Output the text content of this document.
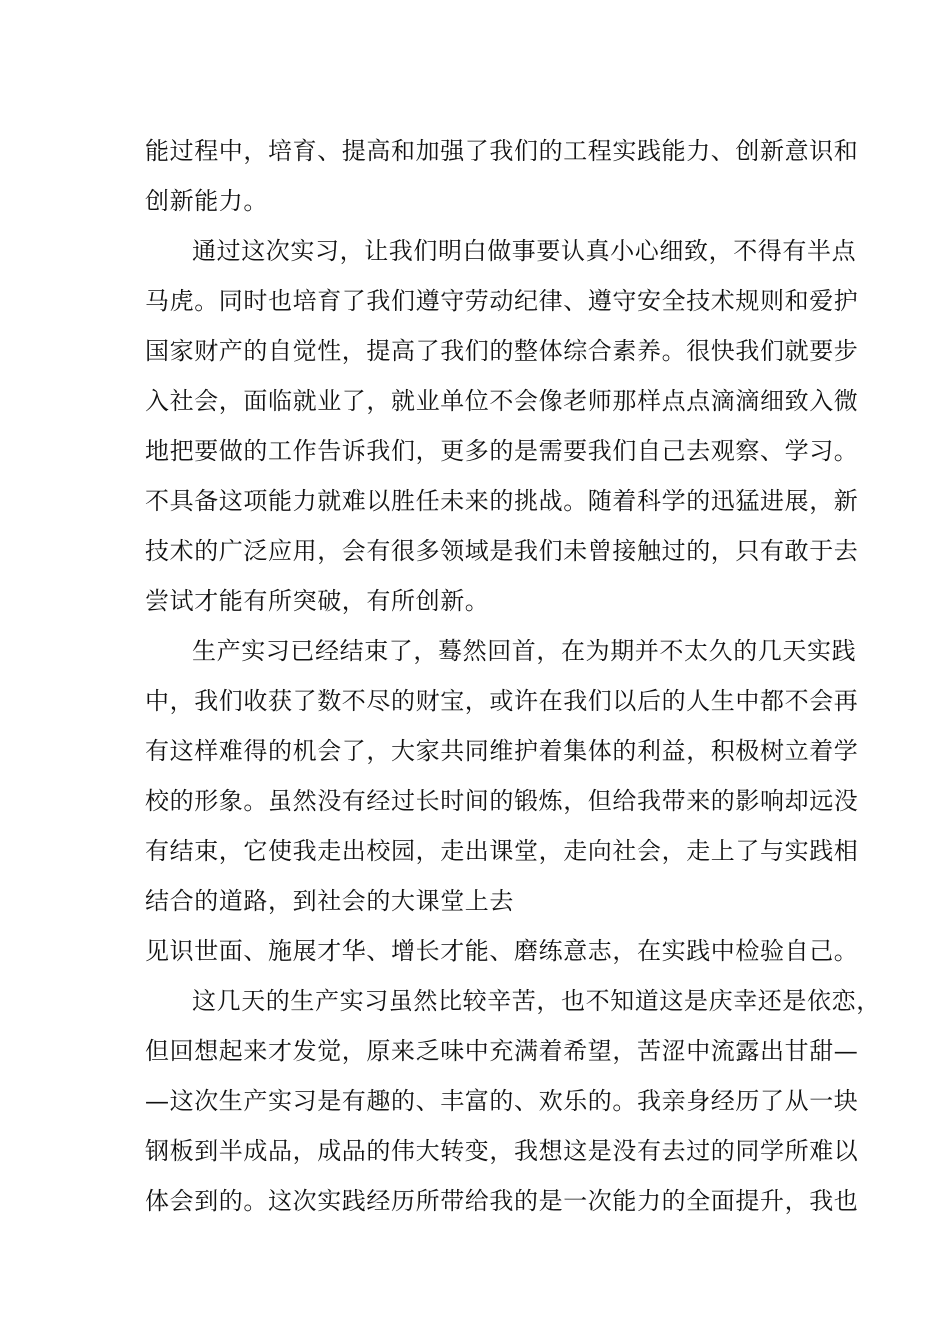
能过程中，培育、提高和加强了我们的工程实践能力、创新意识和
创新能力。
通过这次实习，让我们明白做事要认真小心细致，不得有半点
马虎。同时也培育了我们遵守劳动纪律、遵守安全技术规则和爱护
国家财产的自觉性，提高了我们的整体综合素养。很快我们就要步
入社会，面临就业了，就业单位不会像老师那样点点滴滴细致入微
地把要做的工作告诉我们，更多的是需要我们自己去观察、学习。
不具备这项能力就难以胜任未来的挑战。随着科学的迅猛进展，新
技术的广泛应用，会有很多领域是我们未曾接触过的，只有敢于去
尝试才能有所突破，有所创新。
生产实习已经结束了，蓦然回首，在为期并不太久的几天实践
中，我们收获了数不尽的财宝，或许在我们以后的人生中都不会再
有这样难得的机会了，大家共同维护着集体的利益，积极树立着学
校的形象。虽然没有经过长时间的锻炼，但给我带来的影响却远没
有结束，它使我走出校园，走出课堂，走向社会，走上了与实践相
结合的道路，到社会的大课堂上去
见识世面、施展才华、增长才能、磨练意志，在实践中检验自己。
这几天的生产实习虽然比较辛苦，也不知道这是庆幸还是依恋，
但回想起来才发觉，原来乏味中充满着希望，苦涩中流露出甘甜—
—这次生产实习是有趣的、丰富的、欢乐的。我亲身经历了从一块
钢板到半成品，成品的伟大转变，我想这是没有去过的同学所难以
体会到的。这次实践经历所带给我的是一次能力的全面提升，我也
